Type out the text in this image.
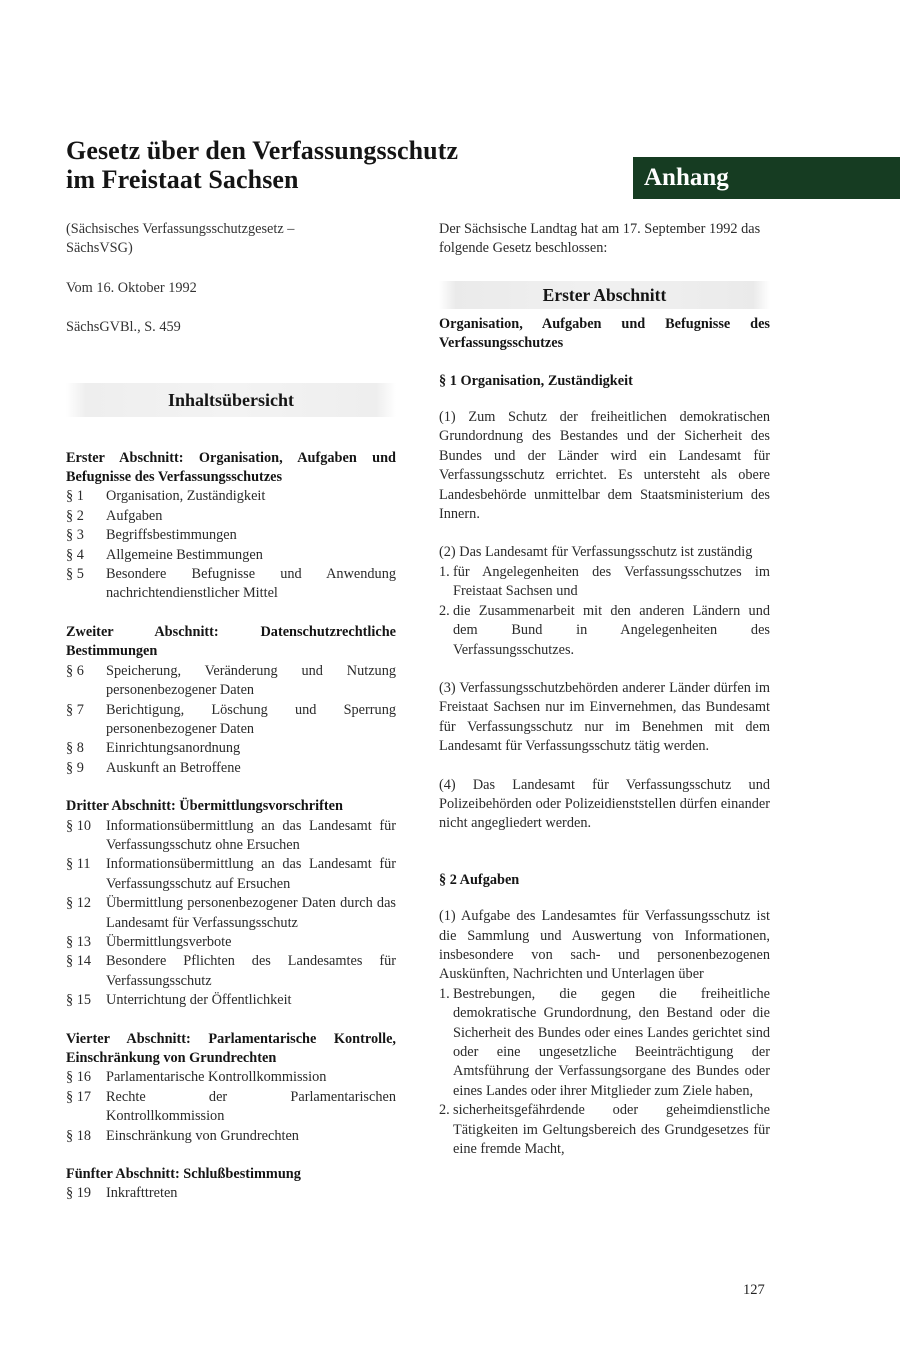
Gesetz über den Verfassungsschutz
im Freistaat Sachsen	Anhang

(Sächsisches Verfassungsschutzgesetz –
SächsVSG)

Vom 16. Oktober 1992

SächsGVBl., S. 459

Inhaltsübersicht
Erster Abschnitt: Organisation, Aufgaben und Befugnisse des Verfassungsschutzes
§ 1	Organisation, Zuständigkeit
§ 2	Aufgaben
§ 3	Begriffsbestimmungen
§ 4	Allgemeine Bestimmungen
§ 5	Besondere Befugnisse und Anwendung nachrichtendienstlicher Mittel
Zweiter Abschnitt: Datenschutzrechtliche Bestimmungen
§ 6	Speicherung, Veränderung und Nutzung personenbezogener Daten
§ 7	Berichtigung, Löschung und Sperrung personenbezogener Daten
§ 8	Einrichtungsanordnung
§ 9	Auskunft an Betroffene
Dritter Abschnitt: Übermittlungsvorschriften
§ 10	Informationsübermittlung an das Landesamt für Verfassungsschutz ohne Ersuchen
§ 11	Informationsübermittlung an das Landesamt für Verfassungsschutz auf Ersuchen
§ 12	Übermittlung personenbezogener Daten durch das Landesamt für Verfassungsschutz
§ 13	Übermittlungsverbote
§ 14	Besondere Pflichten des Landesamtes für Verfassungsschutz
§ 15	Unterrichtung der Öffentlichkeit
Vierter Abschnitt: Parlamentarische Kontrolle, Einschränkung von Grundrechten
§ 16	Parlamentarische Kontrollkommission
§ 17	Rechte der Parlamentarischen Kontrollkommission
§ 18	Einschränkung von Grundrechten
Fünfter Abschnitt: Schlußbestimmung
§ 19	Inkrafttreten

Der Sächsische Landtag hat am 17. September 1992 das folgende Gesetz beschlossen:

Erster Abschnitt

Organisation, Aufgaben und Befugnisse des Verfassungsschutzes

§ 1 Organisation, Zuständigkeit

(1) Zum Schutz der freiheitlichen demokratischen Grundordnung des Bestandes und der Sicherheit des Bundes und der Länder wird ein Landesamt für Verfassungsschutz errichtet. Es untersteht als obere Landesbehörde unmittelbar dem Staatsministerium des Innern.

(2) Das Landesamt für Verfassungsschutz ist zuständig

1. für Angelegenheiten des Verfassungsschutzes im Freistaat Sachsen und
2. die Zusammenarbeit mit den anderen Ländern und dem Bund in Angelegenheiten des Verfassungsschutzes.

(3) Verfassungsschutzbehörden anderer Länder dürfen im Freistaat Sachsen nur im Einvernehmen, das Bundesamt für Verfassungsschutz nur im Benehmen mit dem Landesamt für Verfassungsschutz tätig werden.

(4) Das Landesamt für Verfassungsschutz und Polizeibehörden oder Polizeidienststellen dürfen einander nicht angegliedert werden.

§ 2 Aufgaben

(1) Aufgabe des Landesamtes für Verfassungsschutz ist die Sammlung und Auswertung von Informationen, insbesondere von sach- und personenbezogenen Auskünften, Nachrichten und Unterlagen über

1. Bestrebungen, die gegen die freiheitliche demokratische Grundordnung, den Bestand oder die Sicherheit des Bundes oder eines Landes gerichtet sind oder eine ungesetzliche Beeinträchtigung der Amtsführung der Verfassungsorgane des Bundes oder eines Landes oder ihrer Mitglieder zum Ziele haben,
2. sicherheitsgefährdende oder geheimdienstliche Tätigkeiten im Geltungsbereich des Grundgesetzes für eine fremde Macht,
127
